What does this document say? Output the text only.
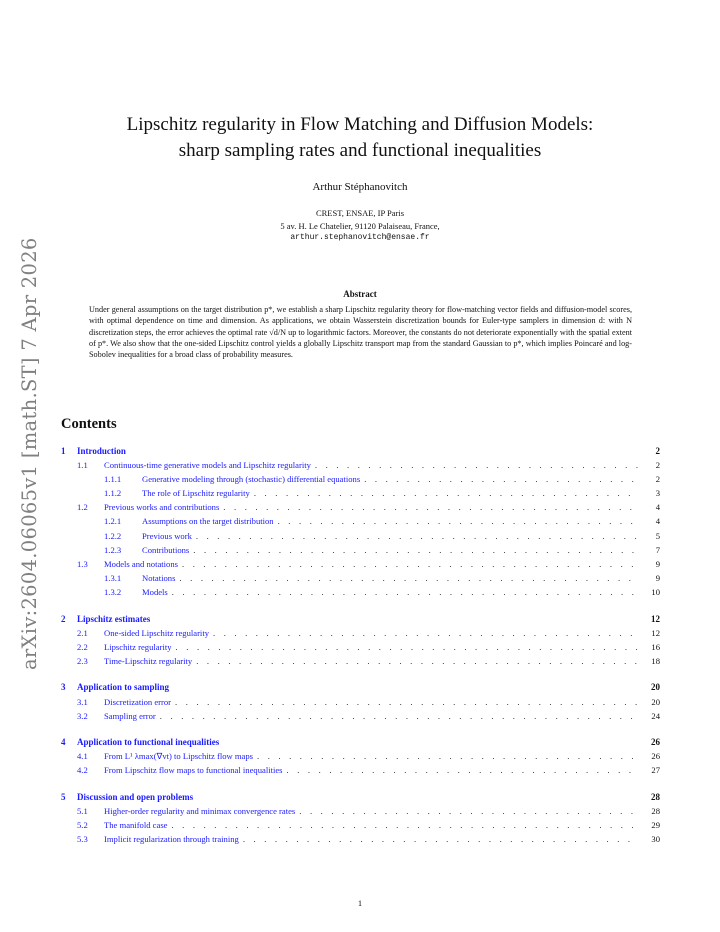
arXiv:2604.06065v1 [math.ST] 7 Apr 2026
Lipschitz regularity in Flow Matching and Diffusion Models:
sharp sampling rates and functional inequalities
Arthur Stéphanovitch
CREST, ENSAE, IP Paris
5 av. H. Le Chatelier, 91120 Palaiseau, France,
arthur.stephanovitch@ensae.fr
Abstract
Under general assumptions on the target distribution p*, we establish a sharp Lipschitz regularity theory for flow-matching vector fields and diffusion-model scores, with optimal dependence on time and dimension. As applications, we obtain Wasserstein discretization bounds for Euler-type samplers in dimension d: with N discretization steps, the error achieves the optimal rate √d/N up to logarithmic factors. Moreover, the constants do not deteriorate exponentially with the spatial extent of p*. We also show that the one-sided Lipschitz control yields a globally Lipschitz transport map from the standard Gaussian to p*, which implies Poincaré and log-Sobolev inequalities for a broad class of probability measures.
Contents
1	Introduction	2
1.1	Continuous-time generative models and Lipschitz regularity . . .	2
1.1.1	Generative modeling through (stochastic) differential equations . . .	2
1.1.2	The role of Lipschitz regularity . . .	3
1.2	Previous works and contributions . . .	4
1.2.1	Assumptions on the target distribution . . .	4
1.2.2	Previous work . . .	5
1.2.3	Contributions . . .	7
1.3	Models and notations . . .	9
1.3.1	Notations . . .	9
1.3.2	Models . . .	10
2	Lipschitz estimates	12
2.1	One-sided Lipschitz regularity . . .	12
2.2	Lipschitz regularity . . .	16
2.3	Time-Lipschitz regularity . . .	18
3	Application to sampling	20
3.1	Discretization error . . .	20
3.2	Sampling error . . .	24
4	Application to functional inequalities	26
4.1	From L¹ λmax(∇vt) to Lipschitz flow maps . . .	26
4.2	From Lipschitz flow maps to functional inequalities . . .	27
5	Discussion and open problems	28
5.1	Higher-order regularity and minimax convergence rates . . .	28
5.2	The manifold case . . .	29
5.3	Implicit regularization through training . . .	30
1
